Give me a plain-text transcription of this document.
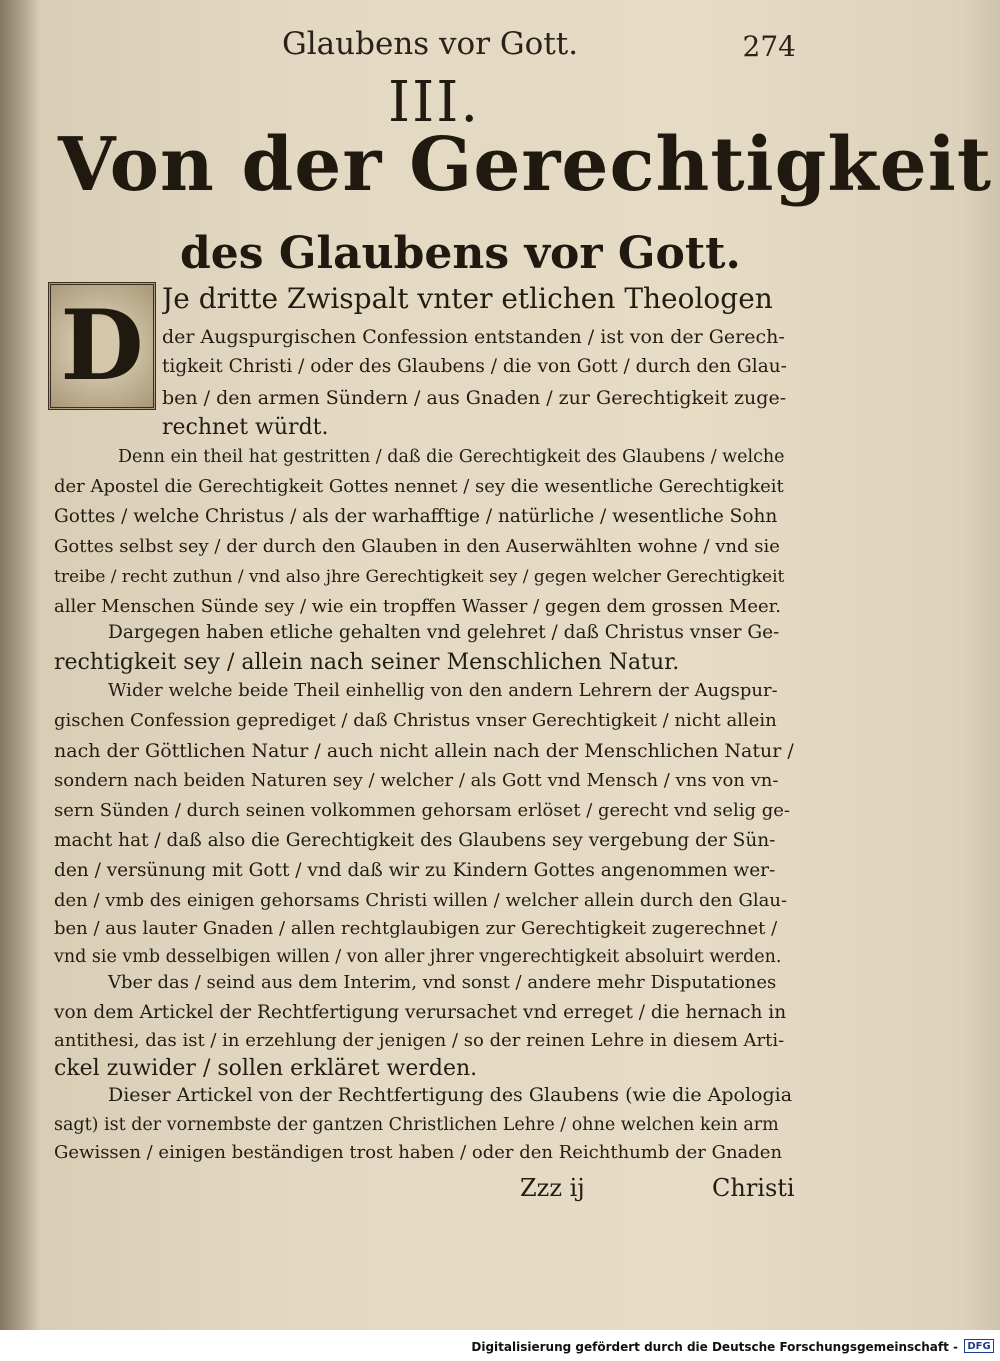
Glaubens vor Gott.	274
III.
Von der Gerechtigkeit
des Glaubens vor Gott.
D Je dritte Zwispalt vnter etlichen Theologen
der Augspurgischen Confession entstanden / ist von der Gerech-
tigkeit Christi / oder des Glaubens / die von Gott / durch den Glau-
ben / den armen Sündern / aus Gnaden / zur Gerechtigkeit zuge-
rechnet würdt.
Denn ein theil hat gestritten / daß die Gerechtigkeit des Glaubens / welche
der Apostel die Gerechtigkeit Gottes nennet / sey die wesentliche Gerechtigkeit
Gottes / welche Christus / als der warhafftige / natürliche / wesentliche Sohn
Gottes selbst sey / der durch den Glauben in den Auserwählten wohne / vnd sie
treibe / recht zuthun / vnd also jhre Gerechtigkeit sey / gegen welcher Gerechtigkeit
aller Menschen Sünde sey / wie ein tropffen Wasser / gegen dem grossen Meer.
Dargegen haben etliche gehalten vnd gelehret / daß Christus vnser Ge-
rechtigkeit sey / allein nach seiner Menschlichen Natur.
Wider welche beide Theil einhellig von den andern Lehrern der Augspur-
gischen Confession geprediget / daß Christus vnser Gerechtigkeit / nicht allein
nach der Göttlichen Natur / auch nicht allein nach der Menschlichen Natur /
sondern nach beiden Naturen sey / welcher / als Gott vnd Mensch / vns von vn-
sern Sünden / durch seinen volkommen gehorsam erlöset / gerecht vnd selig ge-
macht hat / daß also die Gerechtigkeit des Glaubens sey vergebung der Sün-
den / versünung mit Gott / vnd daß wir zu Kindern Gottes angenommen wer-
den / vmb des einigen gehorsams Christi willen / welcher allein durch den Glau-
ben / aus lauter Gnaden / allen rechtglaubigen zur Gerechtigkeit zugerechnet /
vnd sie vmb desselbigen willen / von aller jhrer vngerechtigkeit absoluirt werden.
Vber das / seind aus dem Interim, vnd sonst / andere mehr Disputationes
von dem Artickel der Rechtfertigung verursachet vnd erreget / die hernach in
antithesi, das ist / in erzehlung der jenigen / so der reinen Lehre in diesem Arti-
ckel zuwider / sollen erkläret werden.
Dieser Artickel von der Rechtfertigung des Glaubens (wie die Apologia
sagt) ist der vornembste der gantzen Christlichen Lehre / ohne welchen kein arm
Gewissen / einigen beständigen trost haben / oder den Reichthumb der Gnaden
Zzz ij	Christi
Digitalisierung gefördert durch die Deutsche Forschungsgemeinschaft - DFG
